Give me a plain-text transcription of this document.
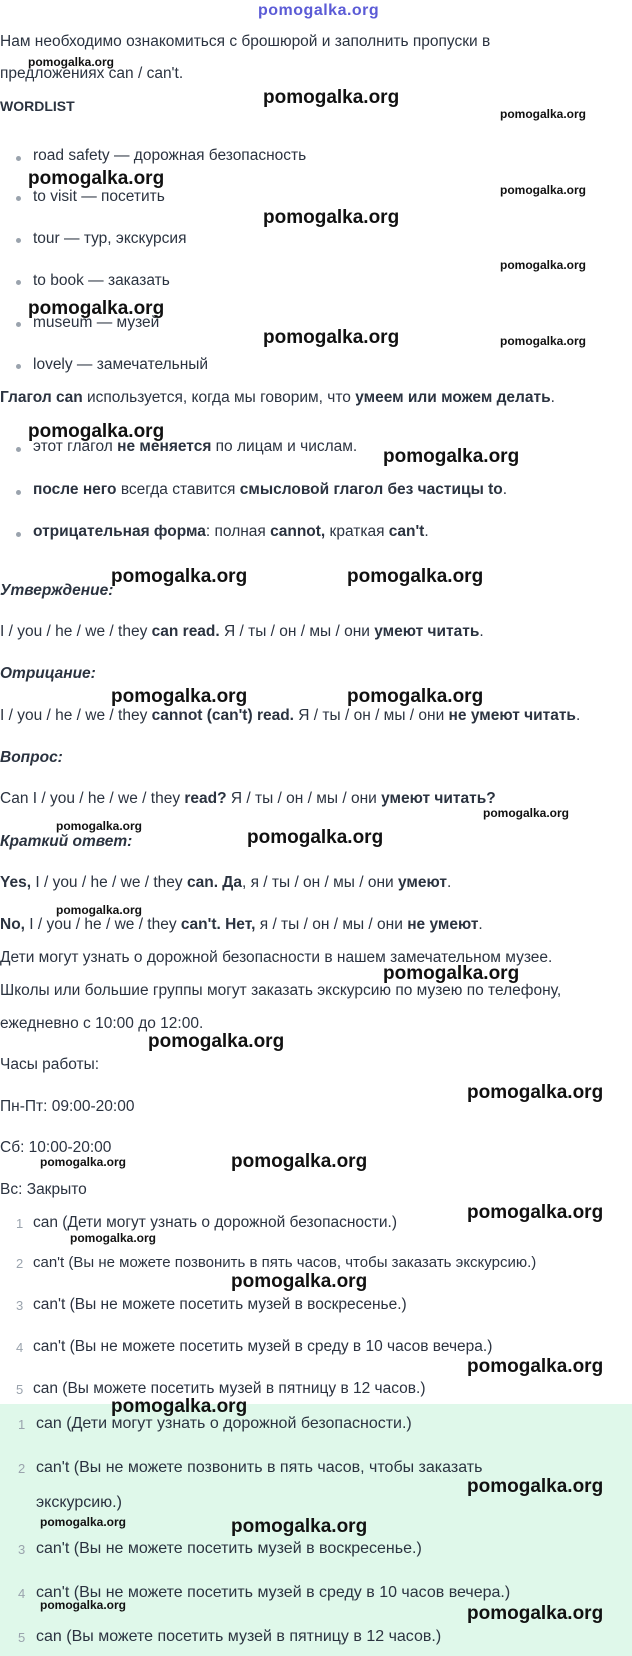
pomogalka.org
Нам необходимо ознакомиться с брошюрой и заполнить пропуски в
предложениях can / can't.
WORDLIST
road safety — дорожная безопасность
to visit — посетить
tour — тур, экскурсия
to book — заказать
museum — музей
lovely — замечательный
Глагол can используется, когда мы говорим, что умеем или можем делать.
этот глагол не меняется по лицам и числам.
после него всегда ставится смысловой глагол без частицы to.
отрицательная форма: полная cannot, краткая can't.
Утверждение:
I / you / he / we / they can read. Я / ты / он / мы / они умеют читать.
Отрицание:
I / you / he / we / they cannot (can't) read. Я / ты / он / мы / они не умеют читать.
Вопрос:
Can I / you / he / we / they read? Я / ты / он / мы / они умеют читать?
Краткий ответ:
Yes, I / you / he / we / they can. Да, я / ты / он / мы / они умеют.
No, I / you / he / we / they can't. Нет, я / ты / он / мы / они не умеют.
Дети могут узнать о дорожной безопасности в нашем замечательном музее.
Школы или большие группы могут заказать экскурсию по музею по телефону,
ежедневно с 10:00 до 12:00.
Часы работы:
Пн-Пт: 09:00-20:00
Сб: 10:00-20:00
Вс: Закрыто
1 can (Дети могут узнать о дорожной безопасности.)
2 can't (Вы не можете позвонить в пять часов, чтобы заказать экскурсию.)
3 can't (Вы не можете посетить музей в воскресенье.)
4 can't (Вы не можете посетить музей в среду в 10 часов вечера.)
5 can (Вы можете посетить музей в пятницу в 12 часов.)
1 can (Дети могут узнать о дорожной безопасности.)
2 can't (Вы не можете позвонить в пять часов, чтобы заказать
экскурсию.)
3 can't (Вы не можете посетить музей в воскресенье.)
4 can't (Вы не можете посетить музей в среду в 10 часов вечера.)
5 can (Вы можете посетить музей в пятницу в 12 часов.)
pomogalka.org
pomogalka.org
pomogalka.org
pomogalka.org
pomogalka.org
pomogalka.org
pomogalka.org
pomogalka.org
pomogalka.org	pomogalka.org
pomogalka.org
pomogalka.org
pomogalka.org	pomogalka.org
pomogalka.org	pomogalka.org
pomogalka.org
pomogalka.org
pomogalka.org
pomogalka.org
pomogalka.org
pomogalka.org
pomogalka.org
pomogalka.org	pomogalka.org
pomogalka.org
pomogalka.org
pomogalka.org
pomogalka.org
pomogalka.org
pomogalka.org
pomogalka.org	pomogalka.org
pomogalka.org	pomogalka.org
